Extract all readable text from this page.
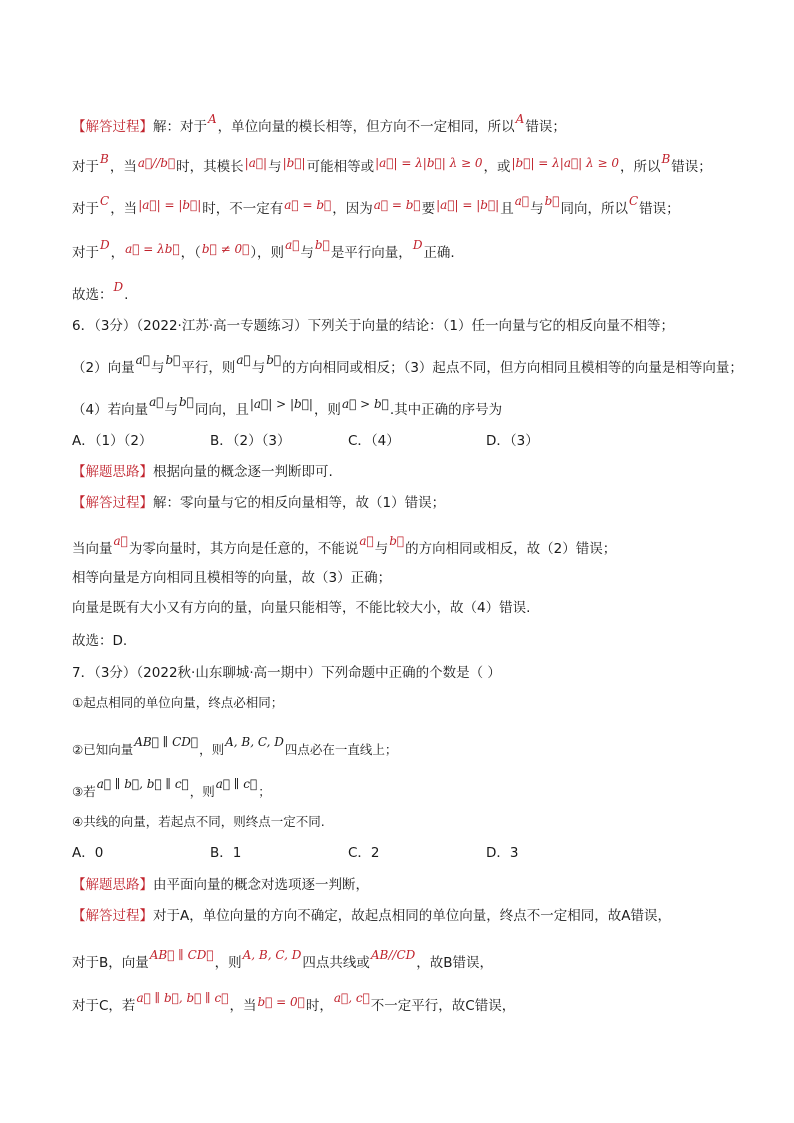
【解答过程】解：对于A，单位向量的模长相等，但方向不一定相同，所以A错误；
对于B，当a⃗//b⃗时，其模长|a⃗|与|b⃗|可能相等或|a⃗| = λ|b⃗| λ ≥ 0，或|b⃗| = λ|a⃗| λ ≥ 0，所以B错误；
对于C，当|a⃗| = |b⃗|时，不一定有a⃗ = b⃗，因为a⃗ = b⃗要|a⃗| = |b⃗|且a⃗与b⃗同向，所以C错误；
对于D，a⃗ = λb⃗，（b⃗ ≠ 0⃗），则a⃗与b⃗是平行向量，D正确.
故选：D.
6．（3分）（2022·江苏·高一专题练习）下列关于向量的结论：（1）任一向量与它的相反向量不相等；
（2）向量a⃗与b⃗平行，则a⃗与b⃗的方向相同或相反；（3）起点不同，但方向相同且模相等的向量是相等向量；
（4）若向量a⃗与b⃗同向，且|a⃗| > |b⃗|，则a⃗ > b⃗.其中正确的序号为
A．（1）（2）	B．（2）（3）	C．（4）	D．（3）
【解题思路】根据向量的概念逐一判断即可.
【解答过程】解：零向量与它的相反向量相等，故（1）错误；
当向量a⃗为零向量时，其方向是任意的，不能说a⃗与b⃗的方向相同或相反，故（2）错误；
相等向量是方向相同且模相等的向量，故（3）正确；
向量是既有大小又有方向的量，向量只能相等，不能比较大小，故（4）错误.
故选：D.
7．（3分）（2022秋·山东聊城·高一期中）下列命题中正确的个数是（ ）
①起点相同的单位向量，终点必相同；
②已知向量AB⃗ ∥ CD⃗，则A, B, C, D四点必在一直线上；
③若a⃗ ∥ b⃗, b⃗ ∥ c⃗，则a⃗ ∥ c⃗；
④共线的向量，若起点不同，则终点一定不同.
A．0	B．1	C．2	D．3
【解题思路】由平面向量的概念对选项逐一判断，
【解答过程】对于A，单位向量的方向不确定，故起点相同的单位向量，终点不一定相同，故A错误，
对于B，向量AB⃗ ∥ CD⃗，则A, B, C, D四点共线或AB//CD，故B错误，
对于C，若a⃗ ∥ b⃗, b⃗ ∥ c⃗，当b⃗ = 0⃗时，a⃗, c⃗不一定平行，故C错误，
